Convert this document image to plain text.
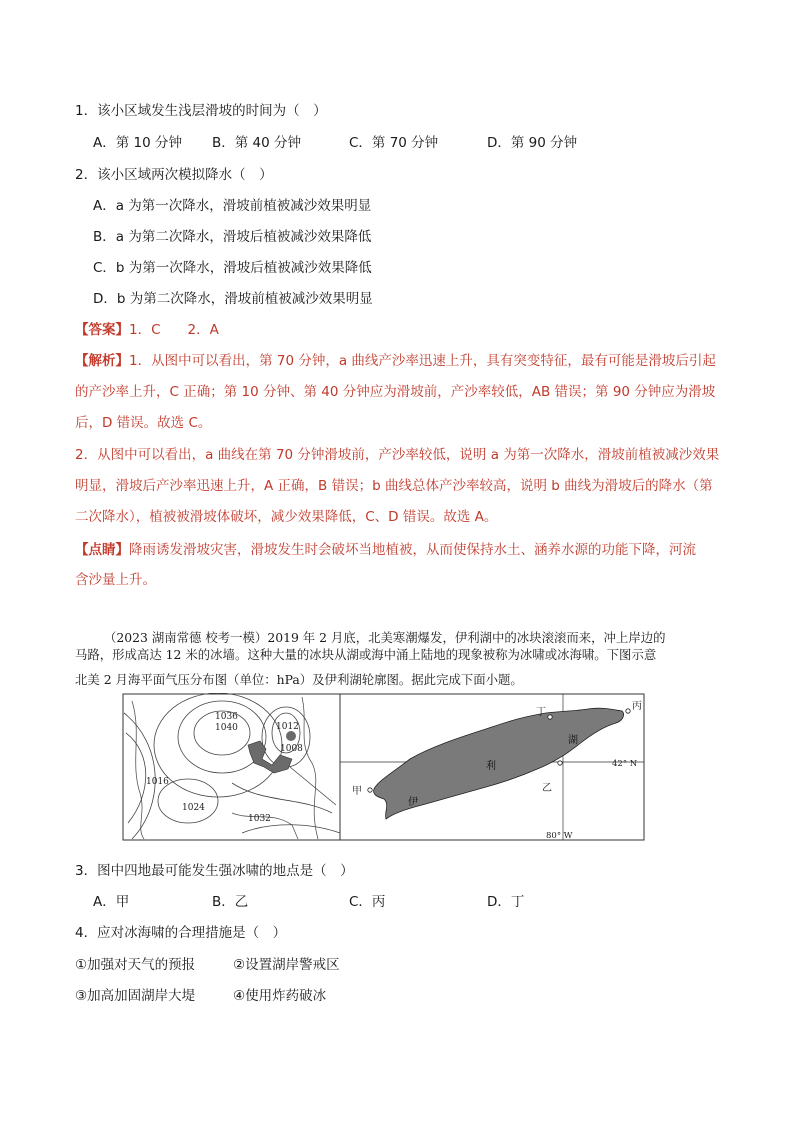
1．该小区域发生浅层滑坡的时间为（　）
A．第 10 分钟 B．第 40 分钟	C．第 70 分钟	D．第 90 分钟
2．该小区域两次模拟降水（　）
A．a 为第一次降水，滑坡前植被减沙效果明显
B．a 为第二次降水，滑坡后植被减沙效果降低
C．b 为第一次降水，滑坡后植被减沙效果降低
D．b 为第二次降水，滑坡前植被减沙效果明显
【答案】1．C　　2．A
【解析】1．从图中可以看出，第 70 分钟，a 曲线产沙率迅速上升，具有突变特征，最有可能是滑坡后引起
的产沙率上升，C 正确；第 10 分钟、第 40 分钟应为滑坡前，产沙率较低，AB 错误；第 90 分钟应为滑坡
后，D 错误。故选 C。
2．从图中可以看出，a 曲线在第 70 分钟滑坡前，产沙率较低，说明 a 为第一次降水，滑坡前植被减沙效果
明显，滑坡后产沙率迅速上升，A 正确，B 错误；b 曲线总体产沙率较高，说明 b 曲线为滑坡后的降水（第
二次降水），植被被滑坡体破坏，减少效果降低，C、D 错误。故选 A。
【点睛】降雨诱发滑坡灾害，滑坡发生时会破坏当地植被，从而使保持水土、涵养水源的功能下降，河流
含沙量上升。
（2023 湖南常德 校考一模）2019 年 2 月底，北美寒潮爆发，伊利湖中的冰块滚滚而来，冲上岸边的
马路，形成高达 12 米的冰墙。这种大量的冰块从湖或海中涌上陆地的现象被称为冰啸或冰海啸。下图示意
1036
1040	1012
1008
1016
1024
1032
甲	乙
丙
丁
伊
利
湖
42° N
80° W
3．图中四地最可能发生强冰啸的地点是（　）
A．甲	B．乙	C．丙	D．丁
4．应对冰海啸的合理措施是（　）
①加强对天气的预报	②设置湖岸警戒区
③加高加固湖岸大堤	④使用炸药破冰
北美 2 月海平面气压分布图（单位：hPa）及伊利湖轮廓图。据此完成下面小题。
